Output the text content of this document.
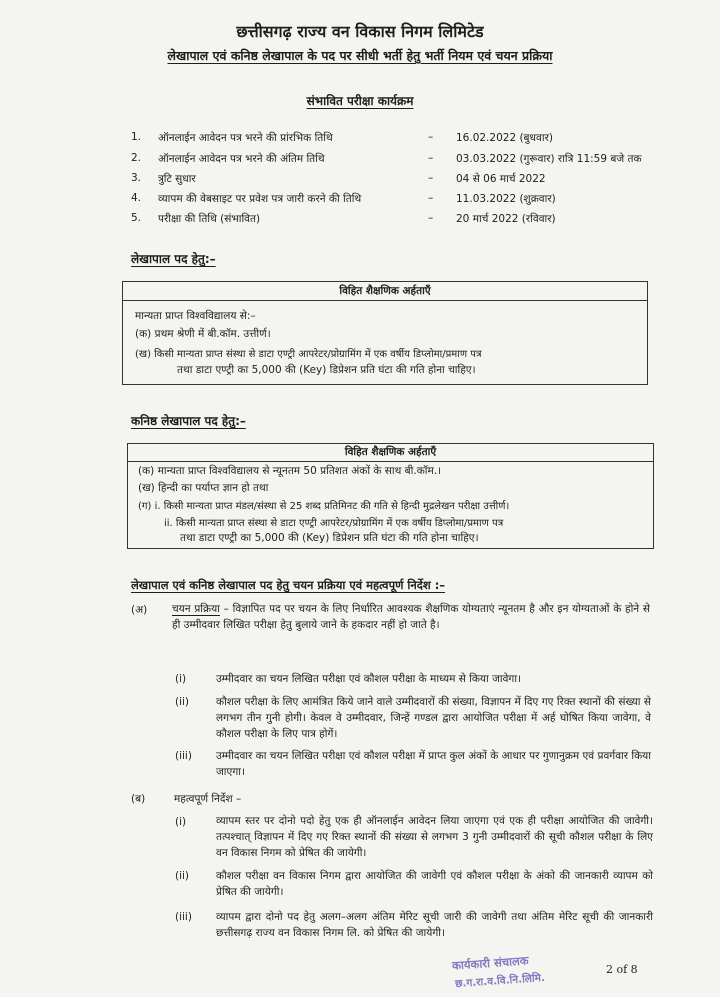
छत्तीसगढ़ राज्य वन विकास निगम लिमिटेड
लेखापाल एवं कनिष्ठ लेखापाल के पद पर सीधी भर्ती हेतु भर्ती नियम एवं चयन प्रक्रिया
संभावित परीक्षा कार्यक्रम
1. ऑनलाईन आवेदन पत्र भरने की प्रांरभिक तिथि	– 16.02.2022 (बुधवार)
2. ऑनलाईन आवेदन पत्र भरने की अंतिम तिथि	– 03.03.2022 (गुरूवार) रात्रि 11:59 बजे तक
3. त्रुटि सुधार	– 04 से 06 मार्च 2022
4. व्यापम की वेबसाइट पर प्रवेश पत्र जारी करने की तिथि	– 11.03.2022 (शुक्रवार)
5. परीक्षा की तिथि (संभावित)	– 20 मार्च 2022 (रविवार)
लेखापाल पद हेतु:–
विहित शैक्षणिक अर्हताएँ
मान्यता प्राप्त विश्वविद्यालय से:–
(क) प्रथम श्रेणी में बी.कॉम. उत्तीर्ण।
(ख) किसी मान्यता प्राप्त संस्था से डाटा एण्ट्री आपरेटर/प्रोग्रामिंग में एक वर्षीय डिप्लोमा/प्रमाण पत्र
तथा डाटा एण्ट्री का 5,000 की (Key) डिप्रेशन प्रति घंटा की गति होना चाहिए।
कनिष्ठ लेखापाल पद हेतु:–
विहित शैक्षणिक अर्हताएँ
(क) मान्यता प्राप्त विश्वविद्यालय से न्यूनतम 50 प्रतिशत अंकों के साथ बी.कॉम.।
(ख) हिन्दी का पर्याप्त ज्ञान हो तथा
(ग) i. किसी मान्यता प्राप्त मंडल/संस्था से 25 शब्द प्रतिमिनट की गति से हिन्दी मुद्रलेखन परीक्षा उत्तीर्ण।
ii. किसी मान्यता प्राप्त संस्था से डाटा एण्ट्री आपरेटर/प्रोग्रामिंग में एक वर्षीय डिप्लोमा/प्रमाण पत्र
तथा डाटा एण्ट्री का 5,000 की (Key) डिप्रेशन प्रति घंटा की गति होना चाहिए।
लेखापाल एवं कनिष्ठ लेखापाल पद हेतु चयन प्रक्रिया एवं महत्वपूर्ण निर्देश :–
(अ) चयन प्रक्रिया – विज्ञापित पद पर चयन के लिए निर्धारित आवश्यक शैक्षणिक योग्यताएं न्यूनतम है और इन योग्यताओं के होने से ही उम्मीदवार लिखित परीक्षा हेतु बुलाये जाने के हकदार नहीं हो जाते है।
(i)	उम्मीदवार का चयन लिखित परीक्षा एवं कौशल परीक्षा के माध्यम से किया जावेगा।
(ii)	कौशल परीक्षा के लिए आमंत्रित किये जाने वाले उम्मीदवारों की संख्या, विज्ञापन में दिए गए रिक्त स्थानों की संख्या से लगभग तीन गुनी होगी। केवल वे उम्मीदवार, जिन्हें गण्डल द्वारा आयोजित परीक्षा में अर्ह घोषित किया जावेगा, वे कौशल परीक्षा के लिए पात्र होगें।
(iii) उम्मीदवार का चयन लिखित परीक्षा एवं कौशल परीक्षा में प्राप्त कुल अंकों के आधार पर गुणानुक्रम एवं प्रवर्गवार किया जाएगा।
(ब)	महत्वपूर्ण निर्देश –
(i)	व्यापम स्तर पर दोनो पदो हेतु एक ही ऑनलाईन आवेदन लिया जाएगा एवं एक ही परीक्षा आयोजित की जावेगी। तत्पश्चात् विज्ञापन में दिए गए रिक्त स्थानों की संख्या से लगभग 3 गुनी उम्मीदवारों की सूची कौशल परीक्षा के लिए वन विकास निगम को प्रेषित की जायेगी।
(ii)	कौशल परीक्षा वन विकास निगम द्वारा आयोजित की जावेगी एवं कौशल परीक्षा के अंको की जानकारी व्यापम को प्रेषित की जायेगी।
(iii) व्यापम द्वारा दोनो पद हेतु अलग–अलग अंतिम मेरिट सूची जारी की जावेगी तथा अंतिम मेरिट सूची की जानकारी छत्तीसगढ़ राज्य वन विकास निगम लि. को प्रेषित की जायेगी।
कार्यकारी संचालक
छ.ग.रा.व.वि.नि.लिमि.
2 of 8
